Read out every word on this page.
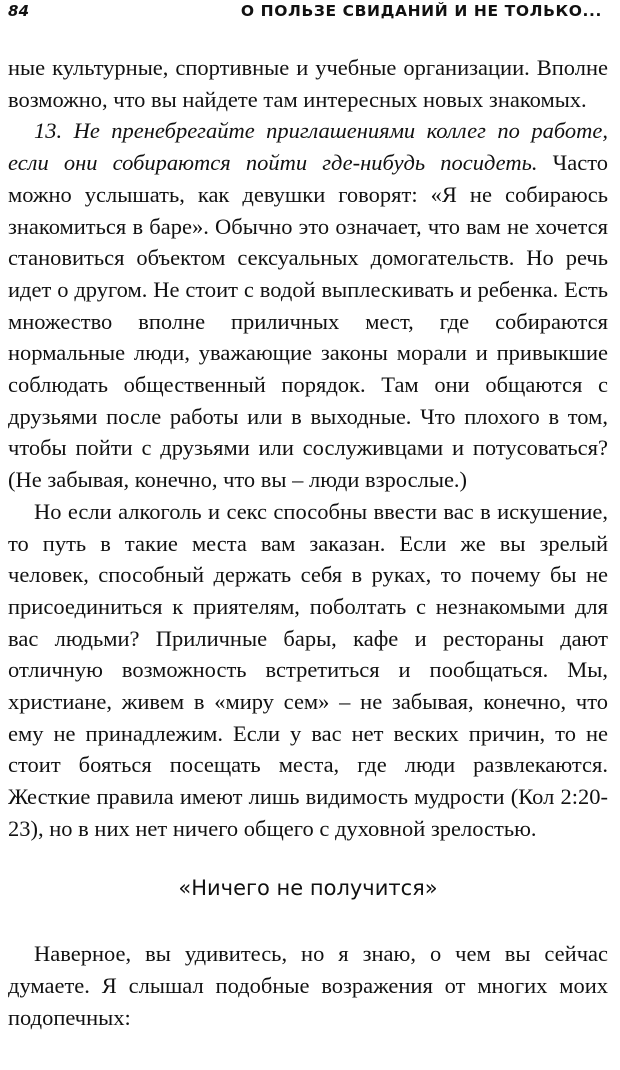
84	О ПОЛЬЗЕ СВИДАНИЙ И НЕ ТОЛЬКО...

ные культурные, спортивные и учебные организации. Вполне возможно, что вы найдете там интересных новых знакомых.

13. Не пренебрегайте приглашениями коллег по работе, если они собираются пойти где-нибудь посидеть. Часто можно услышать, как девушки говорят: «Я не собираюсь знакомиться в баре». Обычно это означает, что вам не хочется становиться объектом сексуальных домогательств. Но речь идет о другом. Не стоит с водой выплескивать и ребенка. Есть множество вполне приличных мест, где собираются нормальные люди, уважающие законы морали и привыкшие соблюдать общественный порядок. Там они общаются с друзьями после работы или в выходные. Что плохого в том, чтобы пойти с друзьями или сослуживцами и потусоваться? (Не забывая, конечно, что вы – люди взрослые.)

Но если алкоголь и секс способны ввести вас в искушение, то путь в такие места вам заказан. Если же вы зрелый человек, способный держать себя в руках, то почему бы не присоединиться к приятелям, поболтать с незнакомыми для вас людьми? Приличные бары, кафе и рестораны дают отличную возможность встретиться и пообщаться. Мы, христиане, живем в «миру сем» – не забывая, конечно, что ему не принадлежим. Если у вас нет веских причин, то не стоит бояться посещать места, где люди развлекаются. Жесткие правила имеют лишь видимость мудрости (Кол 2:20-23), но в них нет ничего общего с духовной зрелостью.

«Ничего не получится»

Наверное, вы удивитесь, но я знаю, о чем вы сейчас думаете. Я слышал подобные возражения от многих моих подопечных:
